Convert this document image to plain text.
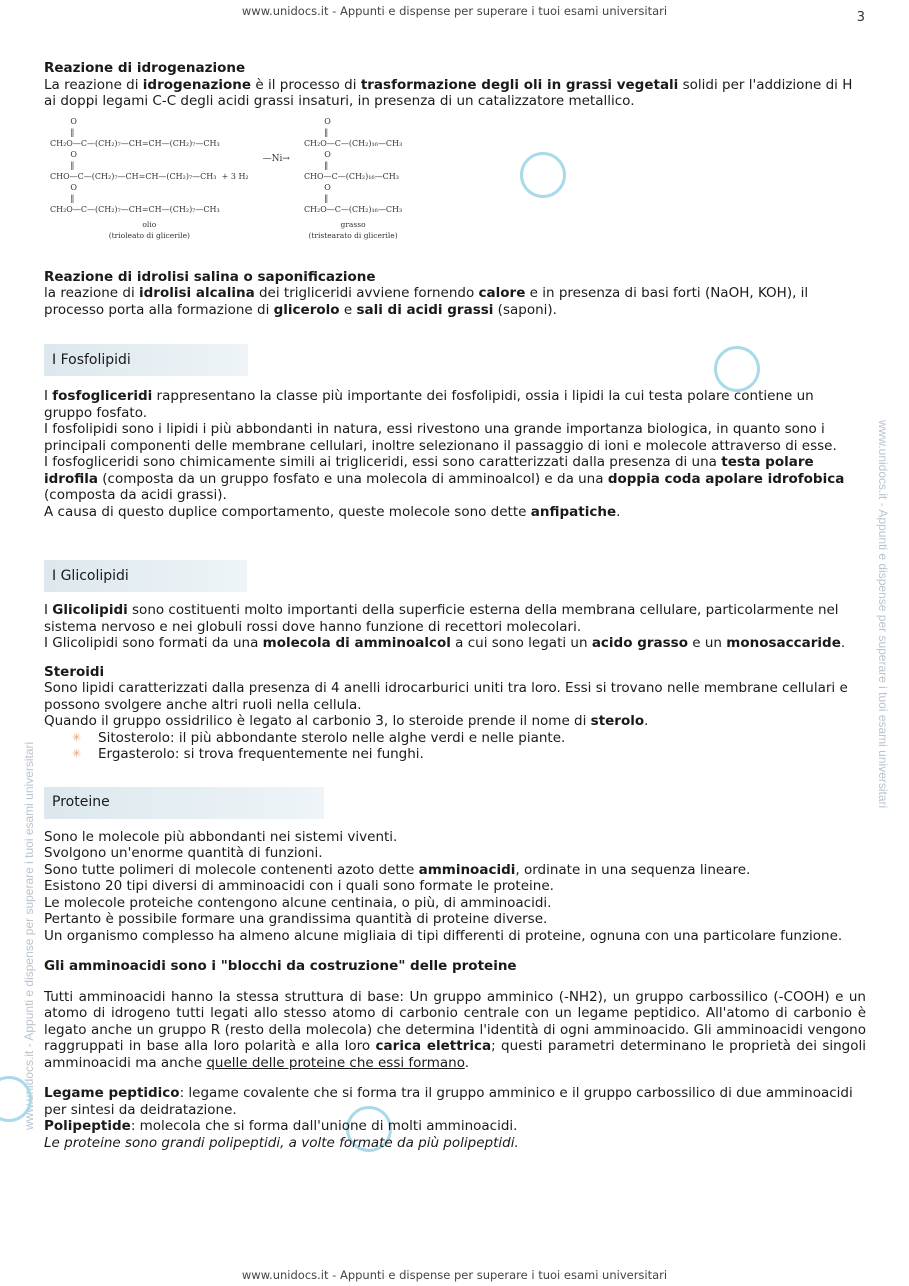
www.unidocs.it - Appunti e dispense per superare i tuoi esami universitari	3
www.unidocs.it - Appunti e dispense per superare i tuoi esami universitari
www.unidocs.it - Appunti e dispense per superare i tuoi esami universitari

Reazione di idrogenazione

La reazione di idrogenazione è il processo di trasformazione degli oli in grassi vegetali solidi per l'addizione di H ai doppi legami C-C degli acidi grassi insaturi, in presenza di un catalizzatore metallico.

O
‖
CH₂O—C—(CH₂)₇—CH=CH—(CH₂)₇—CH₃
O
‖
CHO—C—(CH₂)₇—CH=CH—(CH₂)₇—CH₃  + 3 H₂
O
‖
CH₂O—C—(CH₂)₇—CH=CH—(CH₂)₇—CH₃
olio
(trioleato di glicerile)
—Ni→
O
‖
CH₂O—C—(CH₂)₁₆—CH₃
O
‖
CHO—C—(CH₂)₁₆—CH₃
O
‖
CH₂O—C—(CH₂)₁₆—CH₃
grasso
(tristearato di glicerile)

Reazione di idrolisi salina o saponificazione

la reazione di idrolisi alcalina dei trigliceridi avviene fornendo calore e in presenza di basi forti (NaOH, KOH), il processo porta alla formazione di glicerolo e sali di acidi grassi (saponi).

I Fosfolipidi

I fosfogliceridi rappresentano la classe più importante dei fosfolipidi, ossia i lipidi la cui testa polare contiene un gruppo fosfato.

I fosfolipidi sono i lipidi i più abbondanti in natura, essi rivestono una grande importanza biologica, in quanto sono i principali componenti delle membrane cellulari, inoltre selezionano il passaggio di ioni e molecole attraverso di esse.

I fosfogliceridi sono chimicamente simili ai trigliceridi, essi sono caratterizzati dalla presenza di una testa polare idrofila (composta da un gruppo fosfato e una molecola di amminoalcol) e da una doppia coda apolare idrofobica (composta da acidi grassi).

A causa di questo duplice comportamento, queste molecole sono dette anfipatiche.

I Glicolipidi

I Glicolipidi sono costituenti molto importanti della superficie esterna della membrana cellulare, particolarmente nel sistema nervoso e nei globuli rossi dove hanno funzione di recettori molecolari.

I Glicolipidi sono formati da una molecola di amminoalcol a cui sono legati un acido grasso e un monosaccaride.

Steroidi

Sono lipidi caratterizzati dalla presenza di 4 anelli idrocarburici uniti tra loro. Essi si trovano nelle membrane cellulari e possono svolgere anche altri ruoli nella cellula.

Quando il gruppo ossidrilico è legato al carbonio 3, lo steroide prende il nome di sterolo.

✳ Sitosterolo: il più abbondante sterolo nelle alghe verdi e nelle piante.
✳ Ergasterolo: si trova frequentemente nei funghi.
Proteine

Sono le molecole più abbondanti nei sistemi viventi.

Svolgono un'enorme quantità di funzioni.

Sono tutte polimeri di molecole contenenti azoto dette amminoacidi, ordinate in una sequenza lineare.

Esistono 20 tipi diversi di amminoacidi con i quali sono formate le proteine.

Le molecole proteiche contengono alcune centinaia, o più, di amminoacidi.

Pertanto è possibile formare una grandissima quantità di proteine diverse.

Un organismo complesso ha almeno alcune migliaia di tipi differenti di proteine, ognuna con una particolare funzione.

Gli amminoacidi sono i "blocchi da costruzione" delle proteine

Tutti amminoacidi hanno la stessa struttura di base: Un gruppo amminico (-NH2), un gruppo carbossilico (-COOH) e un atomo di idrogeno tutti legati allo stesso atomo di carbonio centrale con un legame peptidico. All'atomo di carbonio è legato anche un gruppo R (resto della molecola) che determina l'identità di ogni amminoacido. Gli amminoacidi vengono raggruppati in base alla loro polarità e alla loro carica elettrica; questi parametri determinano le proprietà dei singoli amminoacidi ma anche quelle delle proteine che essi formano.

Legame peptidico: legame covalente che si forma tra il gruppo amminico e il gruppo carbossilico di due amminoacidi per sintesi da deidratazione.

Polipeptide: molecola che si forma dall'unione di molti amminoacidi.

Le proteine sono grandi polipeptidi, a volte formate da più polipeptidi.

www.unidocs.it - Appunti e dispense per superare i tuoi esami universitari
